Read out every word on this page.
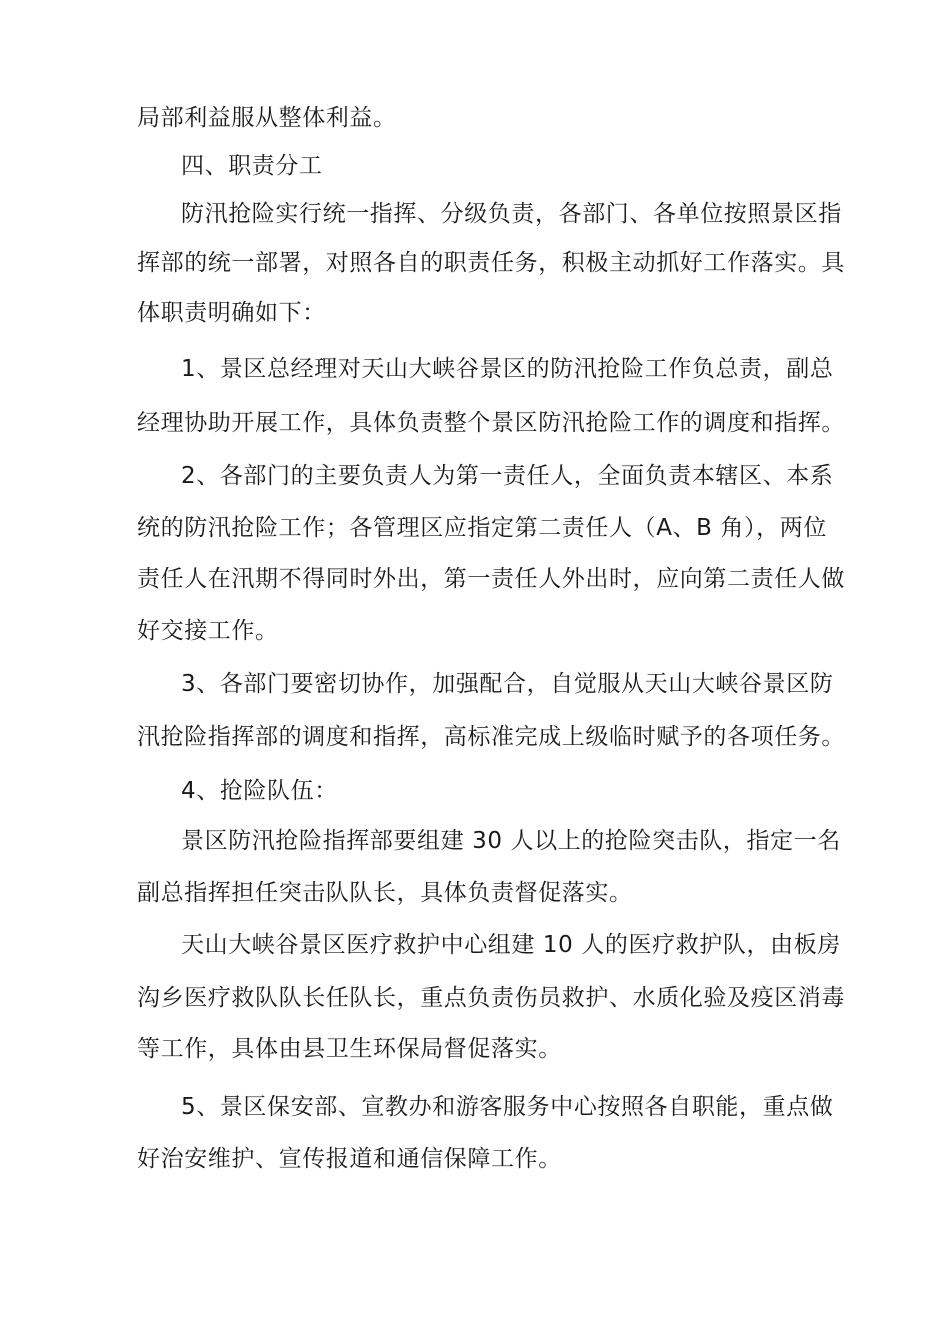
局部利益服从整体利益。
四、职责分工
防汛抢险实行统一指挥、分级负责，各部门、各单位按照景区指
挥部的统一部署，对照各自的职责任务，积极主动抓好工作落实。具
体职责明确如下：
1、景区总经理对天山大峡谷景区的防汛抢险工作负总责，副总
经理协助开展工作，具体负责整个景区防汛抢险工作的调度和指挥。
2、各部门的主要负责人为第一责任人，全面负责本辖区、本系
统的防汛抢险工作；各管理区应指定第二责任人（A、B 角），两位
责任人在汛期不得同时外出，第一责任人外出时，应向第二责任人做
好交接工作。
3、各部门要密切协作，加强配合，自觉服从天山大峡谷景区防
汛抢险指挥部的调度和指挥，高标准完成上级临时赋予的各项任务。
4、抢险队伍：
景区防汛抢险指挥部要组建 30 人以上的抢险突击队，指定一名
副总指挥担任突击队队长，具体负责督促落实。
天山大峡谷景区医疗救护中心组建 10 人的医疗救护队，由板房
沟乡医疗救队队长任队长，重点负责伤员救护、水质化验及疫区消毒
等工作，具体由县卫生环保局督促落实。
5、景区保安部、宣教办和游客服务中心按照各自职能，重点做
好治安维护、宣传报道和通信保障工作。
